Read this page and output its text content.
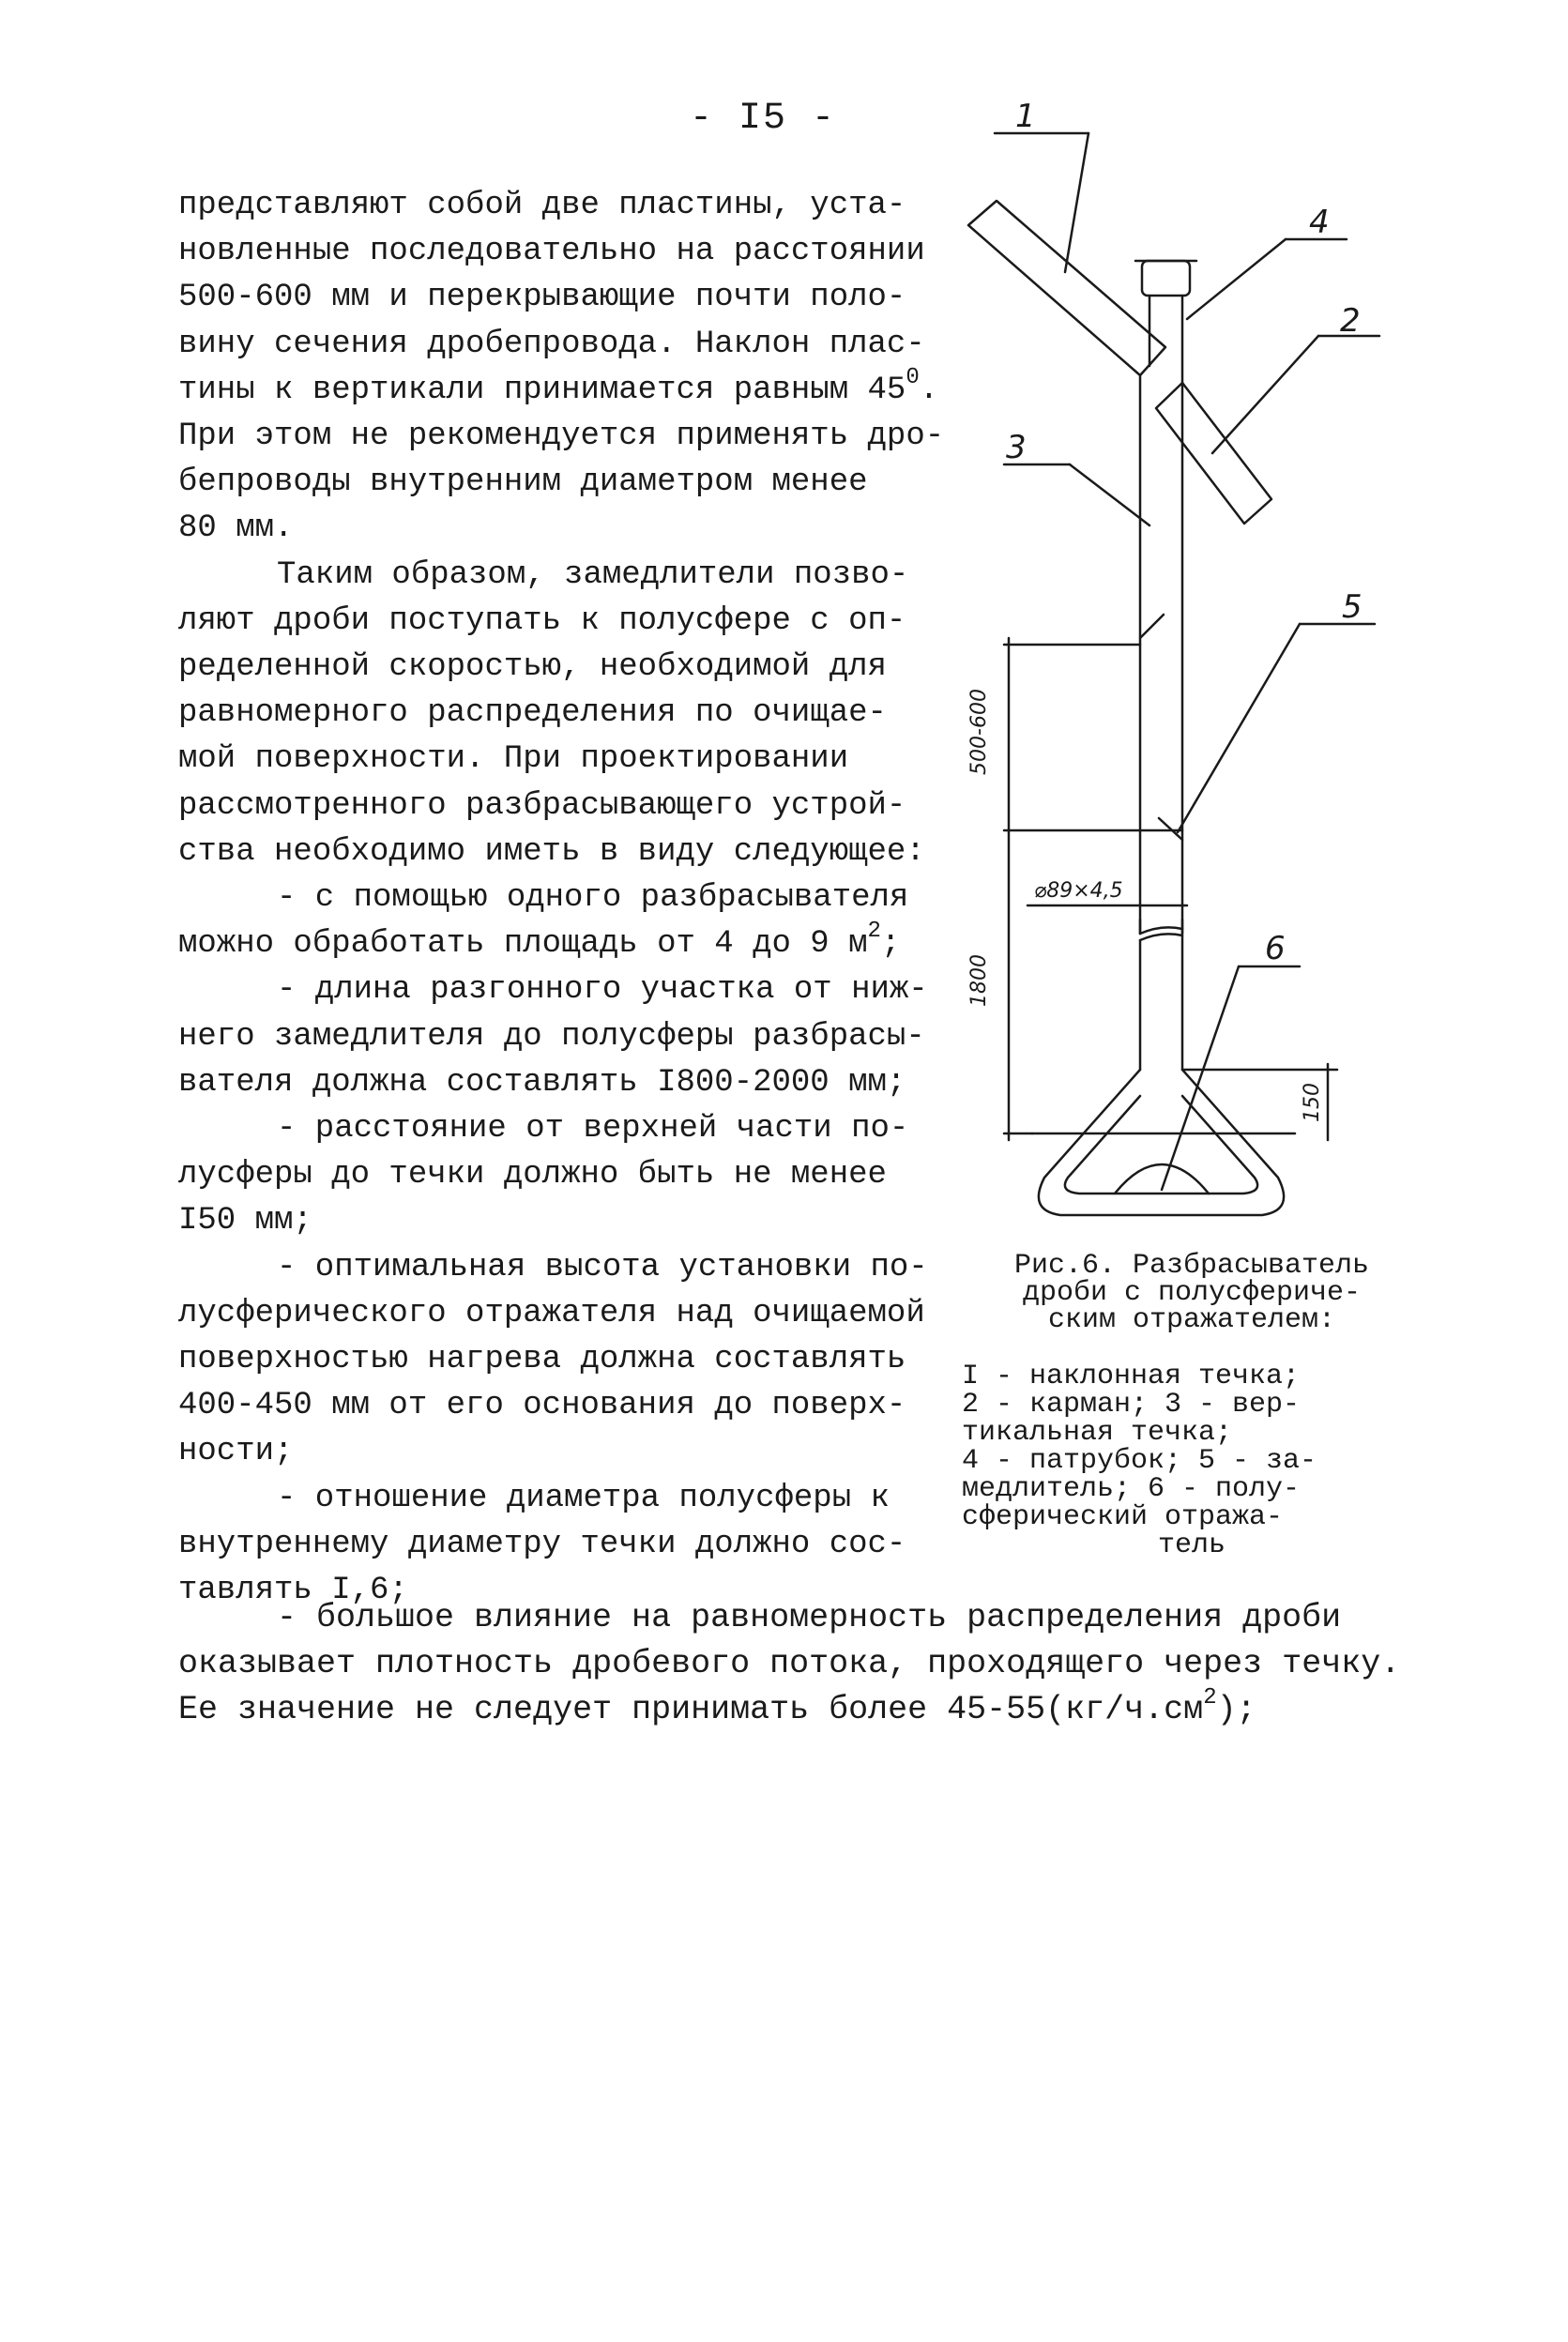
- I5 -
представляют собой две пластины, уста-
новленные последовательно на расстоянии
500-600 мм и перекрывающие почти поло-
вину сечения дробепровода. Наклон плас-
тины к вертикали принимается равным $45^0$.
При этом не рекомендуется применять дро-
бепроводы внутренним диаметром менее
80 мм.
Таким образом, замедлители позво-
ляют дроби поступать к полусфере с оп-
ределенной скоростью, необходимой для
равномерного распределения по очищае-
мой поверхности. При проектировании
рассмотренного разбрасывающего устрой-
ства необходимо иметь в виду следующее:
- с помощью одного разбрасывателя
можно обработать площадь от 4 до 9 $м^2$;
- длина разгонного участка от ниж-
него замедлителя до полусферы разбрасы-
вателя должна составлять I800-2000 мм;
- расстояние от верхней части по-
лусферы до течки должно быть не менее
I50 мм;
- оптимальная высота установки по-
лусферического отражателя над очищаемой
поверхностью нагрева должна составлять
400-450 мм от его основания до поверх-
ности;
- отношение диаметра полусферы к
внутреннему диаметру течки должно сос-
тавлять I,6;
1
4
2
3
5
6
500-600
⌀89×4,5
1800
150
Рис.6. Разбрасыватель
дроби с полусфериче-
ским отражателем:
I - наклонная течка;
2 - карман; 3 - вер-
тикальная течка;
4 - патрубок; 5 - за-
медлитель; 6 - полу-
сферический отража-
тель
- большое влияние на равномерность распределения дроби
оказывает плотность дробевого потока, проходящего через течку.
Ее значение не следует принимать более $45-55(кг/ч.см^2)$;
